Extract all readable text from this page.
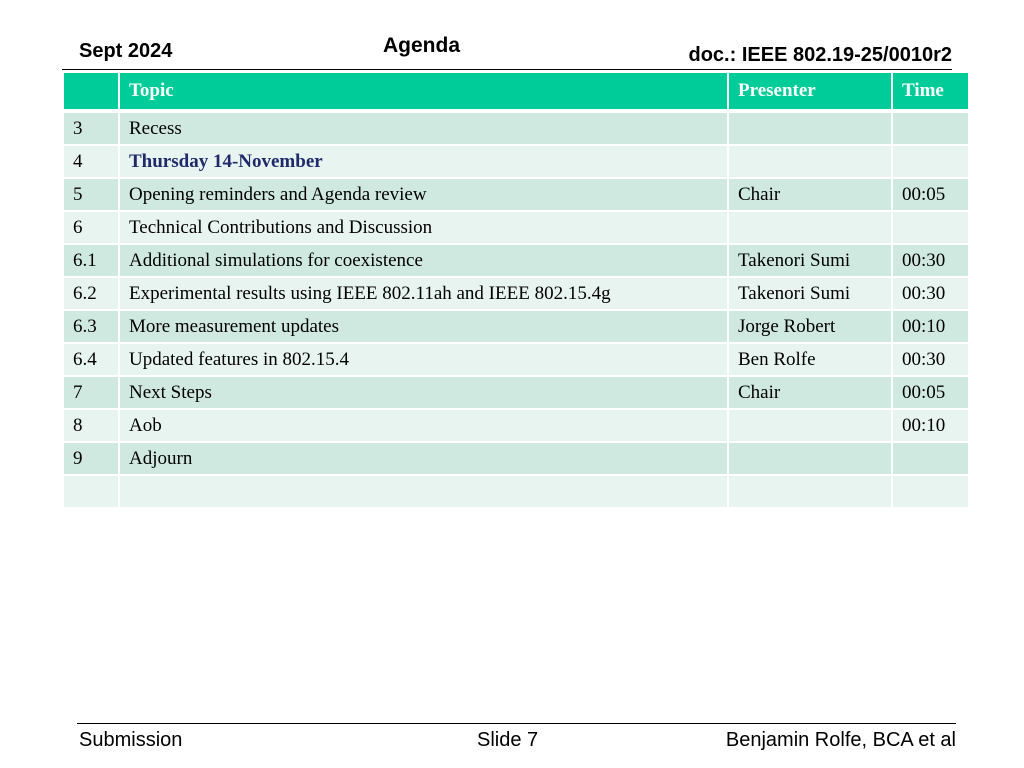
Sept 2024	Agenda	doc.: IEEE 802.19-25/0010r2
	Topic	Presenter	Time
3	Recess		
4	Thursday 14-November		
5	Opening reminders and Agenda review	Chair	00:05
6	Technical Contributions and Discussion		
6.1	Additional simulations for coexistence	Takenori Sumi	00:30
6.2	Experimental results using IEEE 802.11ah and IEEE 802.15.4g	Takenori Sumi	00:30
6.3	More measurement updates	Jorge Robert	00:10
6.4	Updated features in 802.15.4	Ben Rolfe	00:30
7	Next Steps	Chair	00:05
8	Aob		00:10
9	Adjourn		

Submission	Slide 7	Benjamin Rolfe, BCA et al
